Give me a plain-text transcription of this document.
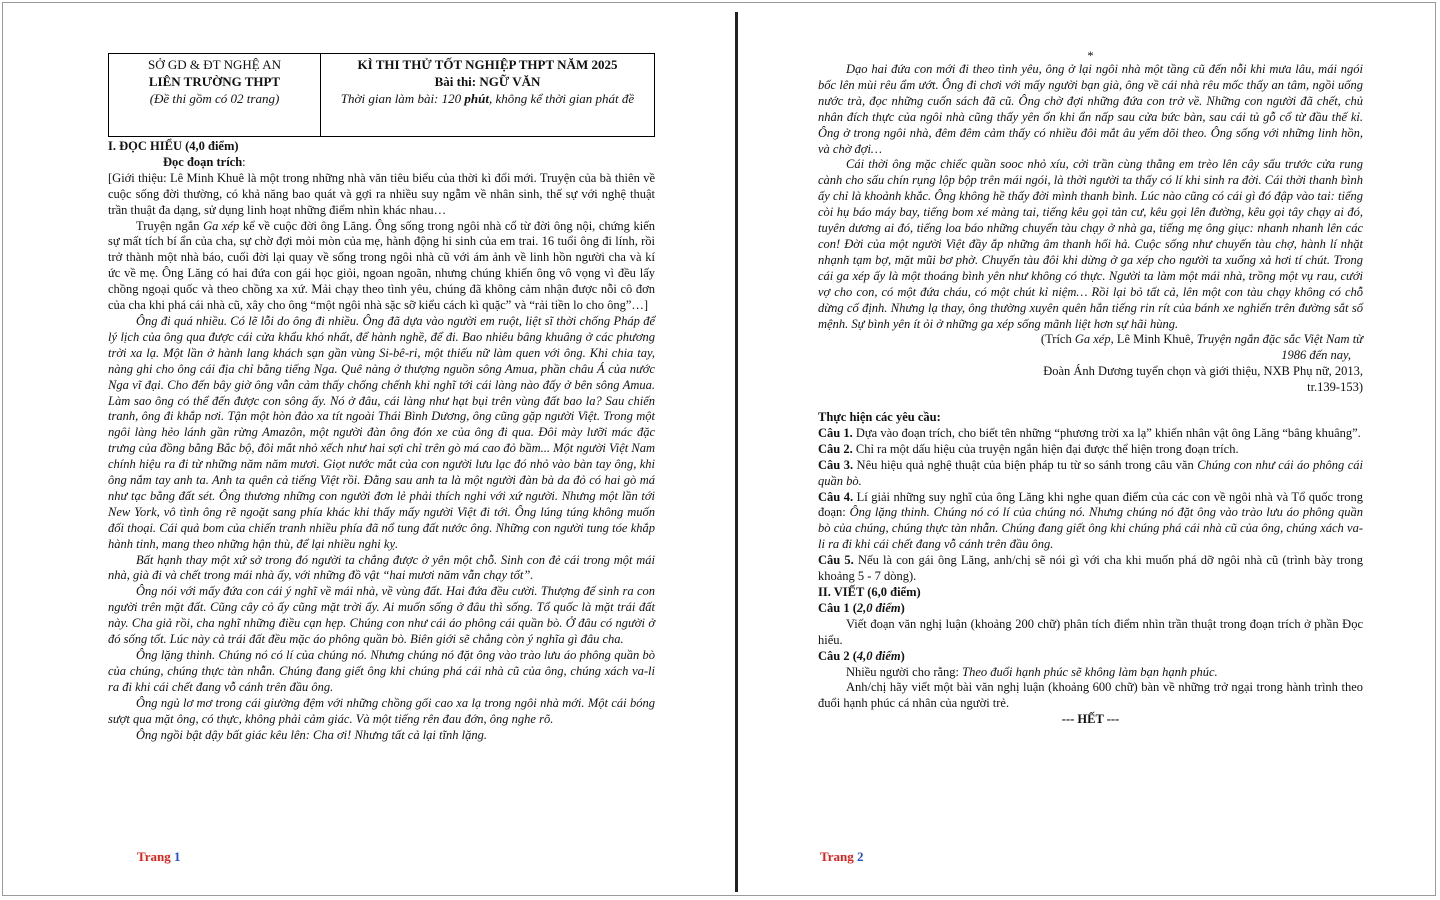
SỞ GD & ĐT NGHỆ AN
LIÊN TRƯỜNG THPT
(Đề thi gồm có 02 trang)
KÌ THI THỬ TỐT NGHIỆP THPT NĂM 2025
Bài thi: NGỮ VĂN
Thời gian làm bài: 120 phút, không kể thời gian phát đề

I. ĐỌC HIỂU (4,0 điểm)

Đọc đoạn trích:

[Giới thiệu: Lê Minh Khuê là một trong những nhà văn tiêu biểu của thời kì đổi mới. Truyện của bà thiên về cuộc sống đời thường, có khả năng bao quát và gợi ra nhiều suy ngẫm về nhân sinh, thế sự với nghệ thuật trần thuật đa dạng, sử dụng linh hoạt những điểm nhìn khác nhau…

Truyện ngắn Ga xép kể về cuộc đời ông Lăng. Ông sống trong ngôi nhà cổ từ đời ông nội, chứng kiến sự mất tích bí ẩn của cha, sự chờ đợi mỏi mòn của mẹ, hành động hi sinh của em trai. 16 tuổi ông đi lính, rồi trở thành một nhà báo, cuối đời lại quay về sống trong ngôi nhà cũ với ám ảnh về linh hồn người cha và kí ức về mẹ. Ông Lăng có hai đứa con gái học giỏi, ngoan ngoãn, nhưng chúng khiến ông vô vọng vì đều lấy chồng ngoại quốc và theo chồng xa xứ. Mải chạy theo tình yêu, chúng đã không cảm nhận được nỗi cô đơn của cha khi phá cái nhà cũ, xây cho ông “một ngôi nhà sặc sỡ kiểu cách kì quặc” và “rải tiền lo cho ông”…]

Ông đi quá nhiều. Có lẽ lỗi do ông đi nhiều. Ông đã dựa vào người em ruột, liệt sĩ thời chống Pháp để lý lịch của ông qua được cái cửa khẩu khó nhất, để hành nghề, để đi. Bao nhiêu bâng khuâng ở các phương trời xa lạ. Một lần ở hành lang khách sạn gần vùng Si-bê-ri, một thiếu nữ làm quen với ông. Khi chia tay, nàng ghi cho ông cái địa chỉ bằng tiếng Nga. Quê nàng ở thượng nguồn sông Amua, phần châu Á của nước Nga vĩ đại. Cho đến bây giờ ông vẫn cảm thấy chống chếnh khi nghĩ tới cái làng nào đấy ở bên sông Amua. Làm sao ông có thể đến được con sông ấy. Nó ở đâu, cái làng như hạt bụi trên vùng đất bao la? Sau chiến tranh, ông đi khắp nơi. Tận một hòn đảo xa tít ngoài Thái Bình Dương, ông cũng gặp người Việt. Trong một ngôi làng hẻo lánh gần rừng Amazôn, một người đàn ông đón xe của ông đi qua. Đôi mày lưỡi mác đặc trưng của đồng bằng Bắc bộ, đôi mắt nhỏ xếch như hai sợi chỉ trên gò má cao đỏ bầm... Một người Việt Nam chính hiệu ra đi từ những năm năm mươi. Giọt nước mắt của con người lưu lạc đó nhỏ vào bàn tay ông, khi ông nắm tay anh ta. Anh ta quên cả tiếng Việt rồi. Đằng sau anh ta là một người đàn bà da đỏ có hai gò má như tạc bằng đất sét. Ông thương những con người đơn lẻ phải thích nghi với xứ người. Nhưng một lần tới New York, vô tình ông rẽ ngoặt sang phía khác khi thấy mấy người Việt đi tới. Ông lúng túng không muốn đối thoại. Cái quả bom của chiến tranh nhiều phía đã nổ tung đất nước ông. Những con người tung tóe khắp hành tinh, mang theo những hận thù, để lại nhiều nghi kỵ.

Bất hạnh thay một xứ sở trong đó người ta chẳng được ở yên một chỗ. Sinh con đẻ cái trong một mái nhà, già đi và chết trong mái nhà ấy, với những đồ vật “hai mươi năm vẫn chạy tốt”.

Ông nói với mấy đứa con cái ý nghĩ về mái nhà, về vùng đất. Hai đứa đều cười. Thượng đế sinh ra con người trên mặt đất. Cũng cây cỏ ấy cũng mặt trời ấy. Ai muốn sống ở đâu thì sống. Tổ quốc là mặt trái đất này. Cha giả rồi, cha nghĩ những điều cạn hẹp. Chúng con như cái áo phông cái quần bò. Ở đâu có người ở đó sống tốt. Lúc này cả trái đất đều mặc áo phông quần bò. Biên giới sẽ chẳng còn ý nghĩa gì đâu cha.

Ông lặng thinh. Chúng nó có lí của chúng nó. Nhưng chúng nó đặt ông vào trào lưu áo phông quần bò của chúng, chúng thực tàn nhẫn. Chúng đang giết ông khi chúng phá cái nhà cũ của ông, chúng xách va-li ra đi khi cái chết đang vỗ cánh trên đầu ông.

Ông ngủ lơ mơ trong cái giường đệm với những chồng gối cao xa lạ trong ngôi nhà mới. Một cái bóng sượt qua mặt ông, có thực, không phải cảm giác. Và một tiếng rên đau đớn, ông nghe rõ.

Ông ngồi bật dậy bất giác kêu lên: Cha ơi! Nhưng tất cả lại tĩnh lặng.

Trang 1

*

Dạo hai đứa con mới đi theo tình yêu, ông ở lại ngôi nhà một tầng cũ đến nỗi khi mưa lâu, mái ngói bốc lên mùi rêu ẩm ướt. Ông đi chơi với mấy người bạn già, ông về cái nhà rêu mốc thấy an tâm, ngồi uống nước trà, đọc những cuốn sách đã cũ. Ông chờ đợi những đứa con trở về. Những con người đã chết, chủ nhân đích thực của ngôi nhà cũng thấy yên ổn khi ẩn nấp sau cửa bức bàn, sau cái tủ gỗ cổ từ đầu thế kỉ. Ông ở trong ngôi nhà, đêm đêm cảm thấy có nhiều đôi mắt âu yếm dõi theo. Ông sống với những linh hồn, và chờ đợi…

Cái thời ông mặc chiếc quần sooc nhỏ xíu, cởi trần cùng thằng em trèo lên cây sấu trước cửa rung cành cho sấu chín rụng lộp bộp trên mái ngói, là thời người ta thấy có lí khi sinh ra đời. Cái thời thanh bình ấy chỉ là khoảnh khắc. Ông không hề thấy đời mình thanh bình. Lúc nào cũng có cái gì đó đập vào tai: tiếng còi hụ báo máy bay, tiếng bom xé màng tai, tiếng kêu gọi tản cư, kêu gọi lên đường, kêu gọi tây chạy ai đó, tuyên dương ai đó, tiếng loa báo những chuyến tàu chạy ở nhà ga, tiếng mẹ ông giục: nhanh nhanh lên các con! Đời của một người Việt đầy ắp những âm thanh hối hả. Cuộc sống như chuyến tàu chợ, hành lí nhặt nhạnh tạm bợ, mặt mũi bơ phờ. Chuyến tàu đôi khi dừng ở ga xép cho người ta xuống xả hơi tí chút. Trong cái ga xép ấy là một thoáng bình yên như không có thực. Người ta làm một mái nhà, trồng một vụ rau, cưới vợ cho con, có một đứa cháu, có một chút kỉ niệm… Rồi lại bỏ tất cả, lên một con tàu chạy không có chỗ dừng cố định. Nhưng lạ thay, ông thường xuyên quên hẳn tiếng rin rít của bánh xe nghiến trên đường sắt số mệnh. Sự bình yên ít ỏi ở những ga xép sống mãnh liệt hơn sự hãi hùng.

(Trích Ga xép, Lê Minh Khuê, Truyện ngắn đặc sắc Việt Nam từ

1986 đến nay,

Đoàn Ánh Dương tuyển chọn và giới thiệu, NXB Phụ nữ, 2013,

tr.139-153)

Thực hiện các yêu cầu:

Câu 1. Dựa vào đoạn trích, cho biết tên những “phương trời xa lạ” khiến nhân vật ông Lăng “bâng khuâng”.

Câu 2. Chỉ ra một dấu hiệu của truyện ngắn hiện đại được thể hiện trong đoạn trích.

Câu 3. Nêu hiệu quả nghệ thuật của biện pháp tu từ so sánh trong câu văn Chúng con như cái áo phông cái quần bò.

Câu 4. Lí giải những suy nghĩ của ông Lăng khi nghe quan điểm của các con về ngôi nhà và Tổ quốc trong đoạn: Ông lặng thinh. Chúng nó có lí của chúng nó. Nhưng chúng nó đặt ông vào trào lưu áo phông quần bò của chúng, chúng thực tàn nhẫn. Chúng đang giết ông khi chúng phá cái nhà cũ của ông, chúng xách va-li ra đi khi cái chết đang vỗ cánh trên đầu ông.

Câu 5. Nếu là con gái ông Lăng, anh/chị sẽ nói gì với cha khi muốn phá dỡ ngôi nhà cũ (trình bày trong khoảng 5 - 7 dòng).

II. VIẾT (6,0 điểm)

Câu 1 (2,0 điểm)

Viết đoạn văn nghị luận (khoảng 200 chữ) phân tích điểm nhìn trần thuật trong đoạn trích ở phần Đọc hiểu.

Câu 2 (4,0 điểm)

Nhiều người cho rằng: Theo đuổi hạnh phúc sẽ không làm bạn hạnh phúc.

Anh/chị hãy viết một bài văn nghị luận (khoảng 600 chữ) bàn về những trở ngại trong hành trình theo đuổi hạnh phúc cá nhân của người trẻ.

--- HẾT ---

Trang 2
